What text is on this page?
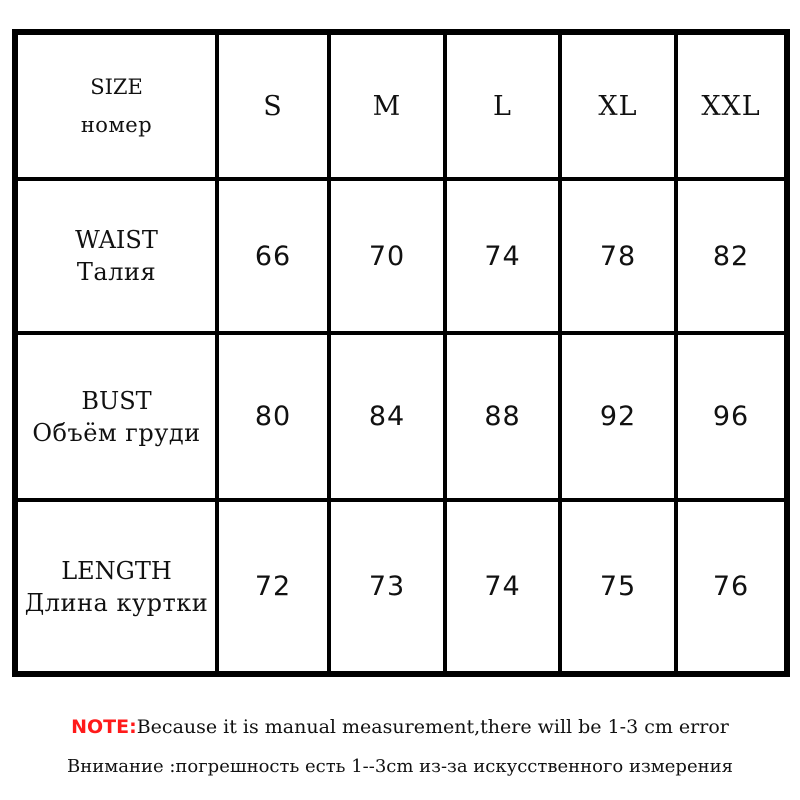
SIZE
номер	S	M	L	XL	XXL

WAIST
Талия	66	70	74	78	82

BUST
Объём груди	80	84	88	92	96

LENGTH
Длина куртки	72	73	74	75	76
NOTE:Because it is manual measurement,there will be 1-3 cm error
Внимание :погрешность есть 1--3cm из-за искусственного измерения
